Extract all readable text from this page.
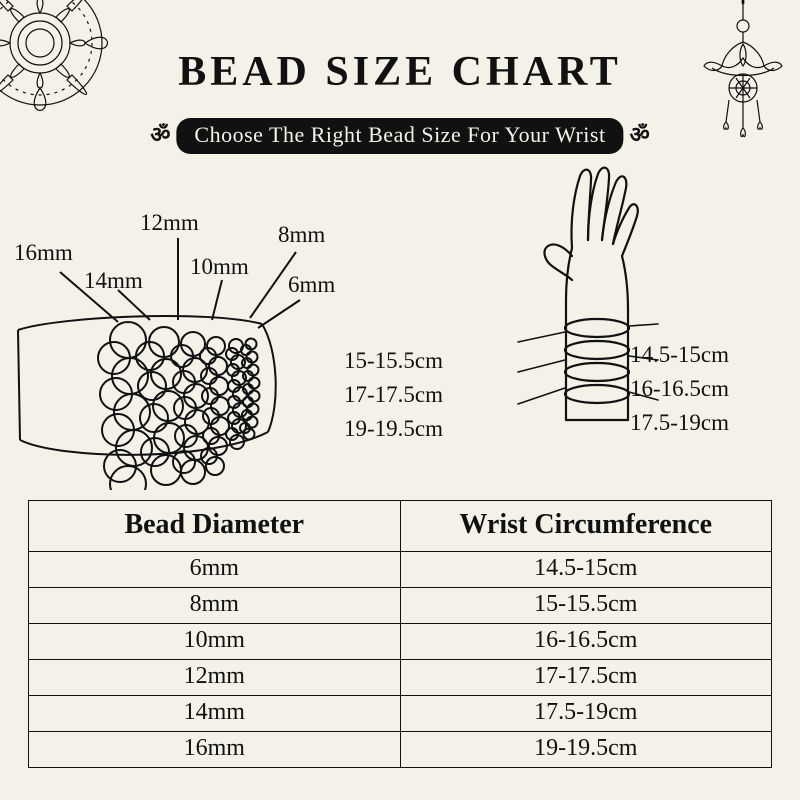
BEAD SIZE CHART
ॐ	Choose The Right Bead Size For Your Wrist	ॐ
16mm
14mm
12mm
10mm
8mm
6mm
15-15.5cm
17-17.5cm
19-19.5cm
14.5-15cm
16-16.5cm
17.5-19cm
Bead Diameter	Wrist Circumference
6mm	14.5-15cm
8mm	15-15.5cm
10mm	16-16.5cm
12mm	17-17.5cm
14mm	17.5-19cm
16mm	19-19.5cm
